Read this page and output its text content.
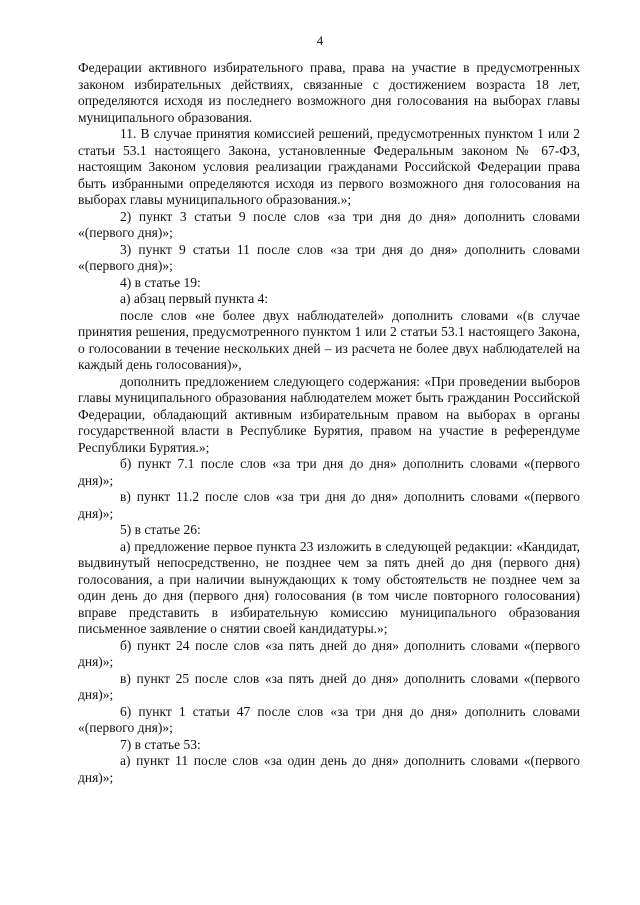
4

Федерации активного избирательного права, права на участие в предусмотренных законом избирательных действиях, связанные с достижением возраста 18 лет, определяются исходя из последнего возможного дня голосования на выборах главы муниципального образования.

11. В случае принятия комиссией решений, предусмотренных пунктом 1 или 2 статьи 53.1 настоящего Закона, установленные Федеральным законом № 67-ФЗ, настоящим Законом условия реализации гражданами Российской Федерации права быть избранными определяются исходя из первого возможного дня голосования на выборах главы муниципального образования.»;

2) пункт 3 статьи 9 после слов «за три дня до дня» дополнить словами «(первого дня)»;

3) пункт 9 статьи 11 после слов «за три дня до дня» дополнить словами «(первого дня)»;

4) в статье 19:

а) абзац первый пункта 4:

после слов «не более двух наблюдателей» дополнить словами «(в случае принятия решения, предусмотренного пунктом 1 или 2 статьи 53.1 настоящего Закона, о голосовании в течение нескольких дней – из расчета не более двух наблюдателей на каждый день голосования)»,

дополнить предложением следующего содержания: «При проведении выборов главы муниципального образования наблюдателем может быть гражданин Российской Федерации, обладающий активным избирательным правом на выборах в органы государственной власти в Республике Бурятия, правом на участие в референдуме Республики Бурятия.»;

б) пункт 7.1 после слов «за три дня до дня» дополнить словами «(первого дня)»;

в) пункт 11.2 после слов «за три дня до дня» дополнить словами «(первого дня)»;

5) в статье 26:

а) предложение первое пункта 23 изложить в следующей редакции: «Кандидат, выдвинутый непосредственно, не позднее чем за пять дней до дня (первого дня) голосования, а при наличии вынуждающих к тому обстоятельств не позднее чем за один день до дня (первого дня) голосования (в том числе повторного голосования) вправе представить в избирательную комиссию муниципального образования письменное заявление о снятии своей кандидатуры.»;

б) пункт 24 после слов «за пять дней до дня» дополнить словами «(первого дня)»;

в) пункт 25 после слов «за пять дней до дня» дополнить словами «(первого дня)»;

6) пункт 1 статьи 47 после слов «за три дня до дня» дополнить словами «(первого дня)»;

7) в статье 53:

а) пункт 11 после слов «за один день до дня» дополнить словами «(первого дня)»;
